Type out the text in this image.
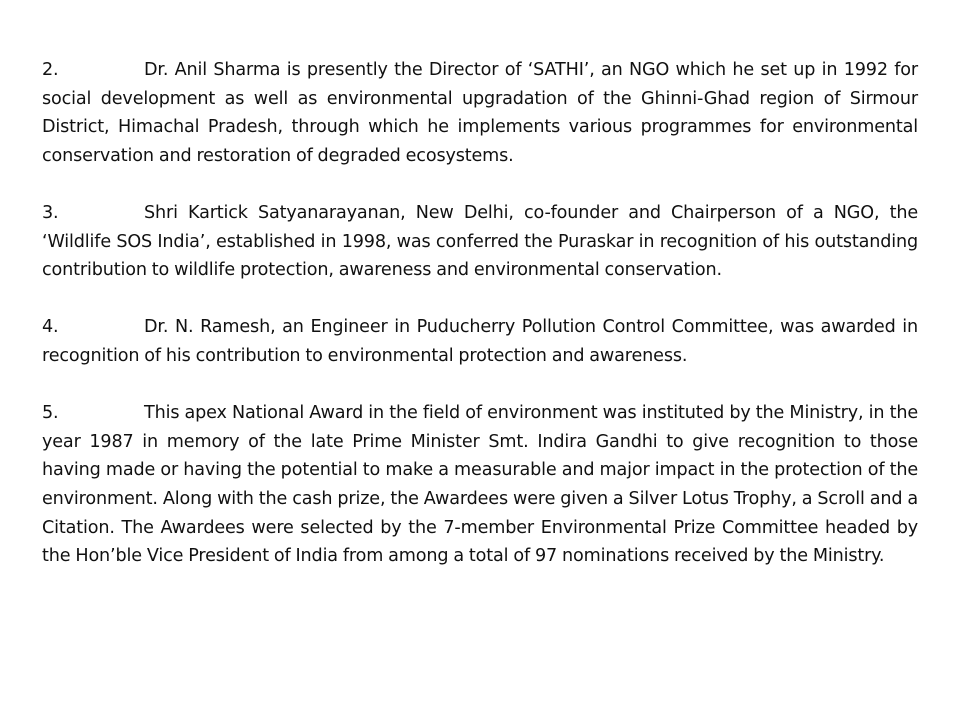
2.	Dr. Anil Sharma is presently the Director of ‘SATHI’, an NGO which he set up in 1992 for social development as well as environmental upgradation of the Ghinni-Ghad region of Sirmour District, Himachal Pradesh, through which he implements various programmes for environmental conservation and restoration of degraded ecosystems.

3.	Shri Kartick Satyanarayanan, New Delhi, co-founder and Chairperson of a NGO, the ‘Wildlife SOS India’, established in 1998, was conferred the Puraskar in recognition of his outstanding contribution to wildlife protection, awareness and environmental conservation.

4.	Dr. N. Ramesh, an Engineer in Puducherry Pollution Control Committee, was awarded in recognition of his contribution to environmental protection and awareness.

5.	This apex National Award in the field of environment was instituted by the Ministry, in the year 1987 in memory of the late Prime Minister Smt. Indira Gandhi to give recognition to those having made or having the potential to make a measurable and major impact in the protection of the environment. Along with the cash prize, the Awardees were given a Silver Lotus Trophy, a Scroll and a Citation. The Awardees were selected by the 7-member Environmental Prize Committee headed by the Hon’ble Vice President of India from among a total of 97 nominations received by the Ministry.
